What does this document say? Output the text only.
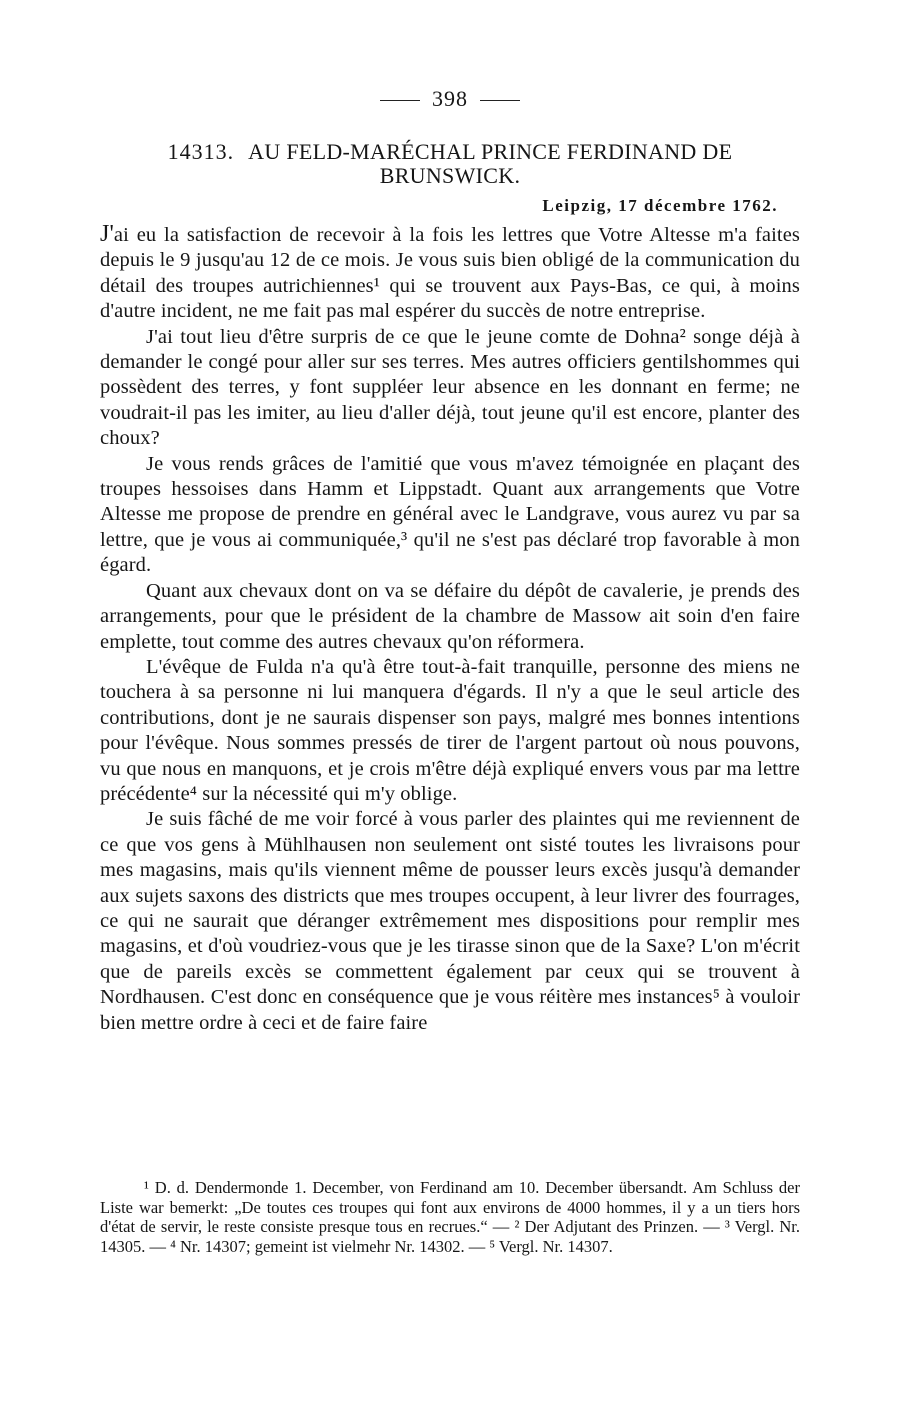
398
14313. AU FELD-MARÉCHAL PRINCE FERDINAND DE BRUNSWICK.
Leipzig, 17 décembre 1762.

J'ai eu la satisfaction de recevoir à la fois les lettres que Votre Altesse m'a faites depuis le 9 jusqu'au 12 de ce mois. Je vous suis bien obligé de la communication du détail des troupes autrichiennes¹ qui se trouvent aux Pays-Bas, ce qui, à moins d'autre incident, ne me fait pas mal espérer du succès de notre entreprise.

J'ai tout lieu d'être surpris de ce que le jeune comte de Dohna² songe déjà à demander le congé pour aller sur ses terres. Mes autres officiers gentilshommes qui possèdent des terres, y font suppléer leur absence en les donnant en ferme; ne voudrait-il pas les imiter, au lieu d'aller déjà, tout jeune qu'il est encore, planter des choux?

Je vous rends grâces de l'amitié que vous m'avez témoignée en plaçant des troupes hessoises dans Hamm et Lippstadt. Quant aux arrangements que Votre Altesse me propose de prendre en général avec le Landgrave, vous aurez vu par sa lettre, que je vous ai communiquée,³ qu'il ne s'est pas déclaré trop favorable à mon égard.

Quant aux chevaux dont on va se défaire du dépôt de cavalerie, je prends des arrangements, pour que le président de la chambre de Massow ait soin d'en faire emplette, tout comme des autres chevaux qu'on réformera.

L'évêque de Fulda n'a qu'à être tout-à-fait tranquille, personne des miens ne touchera à sa personne ni lui manquera d'égards. Il n'y a que le seul article des contributions, dont je ne saurais dispenser son pays, malgré mes bonnes intentions pour l'évêque. Nous sommes pressés de tirer de l'argent partout où nous pouvons, vu que nous en manquons, et je crois m'être déjà expliqué envers vous par ma lettre précédente⁴ sur la nécessité qui m'y oblige.

Je suis fâché de me voir forcé à vous parler des plaintes qui me reviennent de ce que vos gens à Mühlhausen non seulement ont sisté toutes les livraisons pour mes magasins, mais qu'ils viennent même de pousser leurs excès jusqu'à demander aux sujets saxons des districts que mes troupes occupent, à leur livrer des fourrages, ce qui ne saurait que déranger extrêmement mes dispositions pour remplir mes magasins, et d'où voudriez-vous que je les tirasse sinon que de la Saxe? L'on m'écrit que de pareils excès se commettent également par ceux qui se trouvent à Nordhausen. C'est donc en conséquence que je vous réitère mes instances⁵ à vouloir bien mettre ordre à ceci et de faire faire

¹ D. d. Dendermonde 1. December, von Ferdinand am 10. December übersandt. Am Schluss der Liste war bemerkt: „De toutes ces troupes qui font aux environs de 4000 hommes, il y a un tiers hors d'état de servir, le reste consiste presque tous en recrues.“ — ² Der Adjutant des Prinzen. — ³ Vergl. Nr. 14305. — ⁴ Nr. 14307; gemeint ist vielmehr Nr. 14302. — ⁵ Vergl. Nr. 14307.
